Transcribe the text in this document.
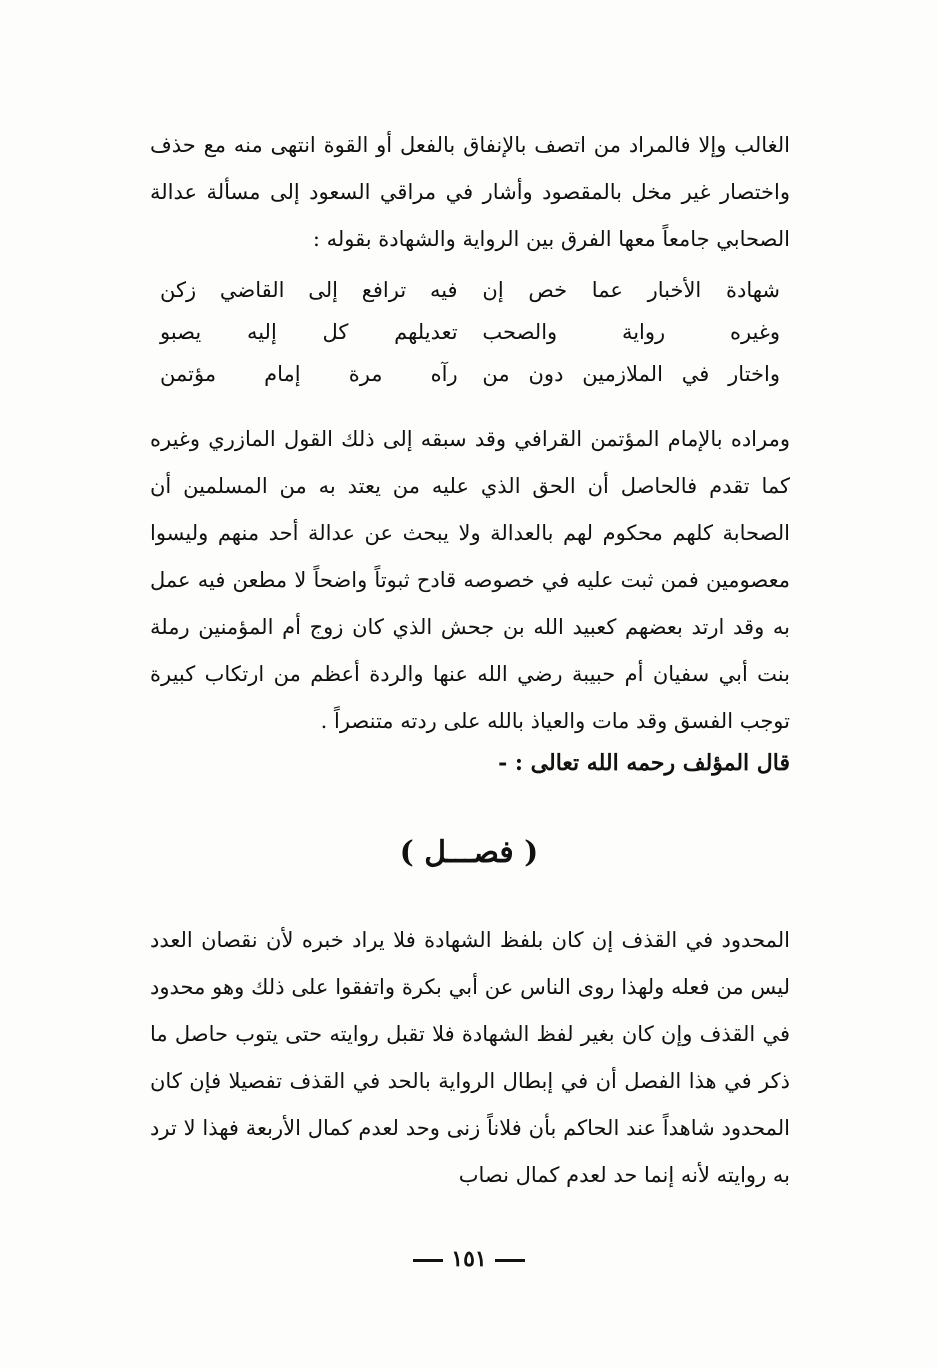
الغالب وإلا فالمراد من اتصف بالإنفاق بالفعل أو القوة انتهى منه مع حذف واختصار غير مخل بالمقصود وأشار في مراقي السعود إلى مسألة عدالة الصحابي جامعاً معها الفرق بين الرواية والشهادة بقوله :
شهادة الأخبار عما خص إن
فيه ترافع إلى القاضي زكن
وغيره رواية والصحب
تعديلهم كل إليه يصبو
واختار في الملازمين دون من
رآه مرة إمام مؤتمن
ومراده بالإمام المؤتمن القرافي وقد سبقه إلى ذلك القول المازري وغيره كما تقدم فالحاصل أن الحق الذي عليه من يعتد به من المسلمين أن الصحابة كلهم محكوم لهم بالعدالة ولا يبحث عن عدالة أحد منهم وليسوا معصومين فمن ثبت عليه في خصوصه قادح ثبوتاً واضحاً لا مطعن فيه عمل به وقد ارتد بعضهم كعبيد الله بن جحش الذي كان زوج أم المؤمنين رملة بنت أبي سفيان أم حبيبة رضي الله عنها والردة أعظم من ارتكاب كبيرة توجب الفسق وقد مات والعياذ بالله على ردته متنصراً .
قال المؤلف رحمه الله تعالى : -
( فصـــل )
المحدود في القذف إن كان بلفظ الشهادة فلا يراد خبره لأن نقصان العدد ليس من فعله ولهذا روى الناس عن أبي بكرة واتفقوا على ذلك وهو محدود في القذف وإن كان بغير لفظ الشهادة فلا تقبل روايته حتى يتوب حاصل ما ذكر في هذا الفصل أن في إبطال الرواية بالحد في القذف تفصيلا فإن كان المحدود شاهداً عند الحاكم بأن فلاناً زنى وحد لعدم كمال الأربعة فهذا لا ترد به روايته لأنه إنما حد لعدم كمال نصاب
١٥١
